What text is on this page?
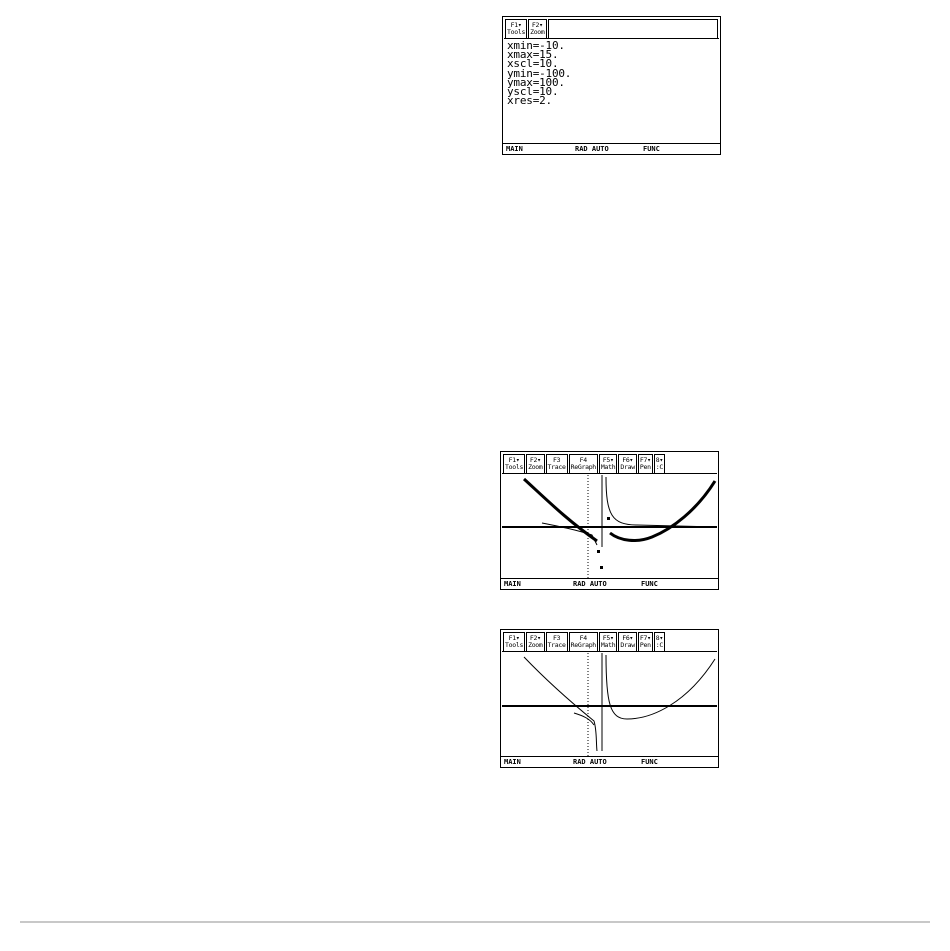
F1▾
Tools
F2▾
Zoom
xmin=-10.
xmax=15.
xscl=10.
ymin=-100.
ymax=100.
yscl=10.
xres=2.
MAIN	RAD AUTO	FUNC
F1▾
Tools
F2▾
Zoom
F3
Trace
F4
ReGraph
F5▾
Math
F6▾
Draw
F7▾
Pen
8▾
:C
MAIN	RAD AUTO	FUNC
F1▾
Tools
F2▾
Zoom
F3
Trace
F4
ReGraph
F5▾
Math
F6▾
Draw
F7▾
Pen
8▾
:C
MAIN	RAD AUTO	FUNC
